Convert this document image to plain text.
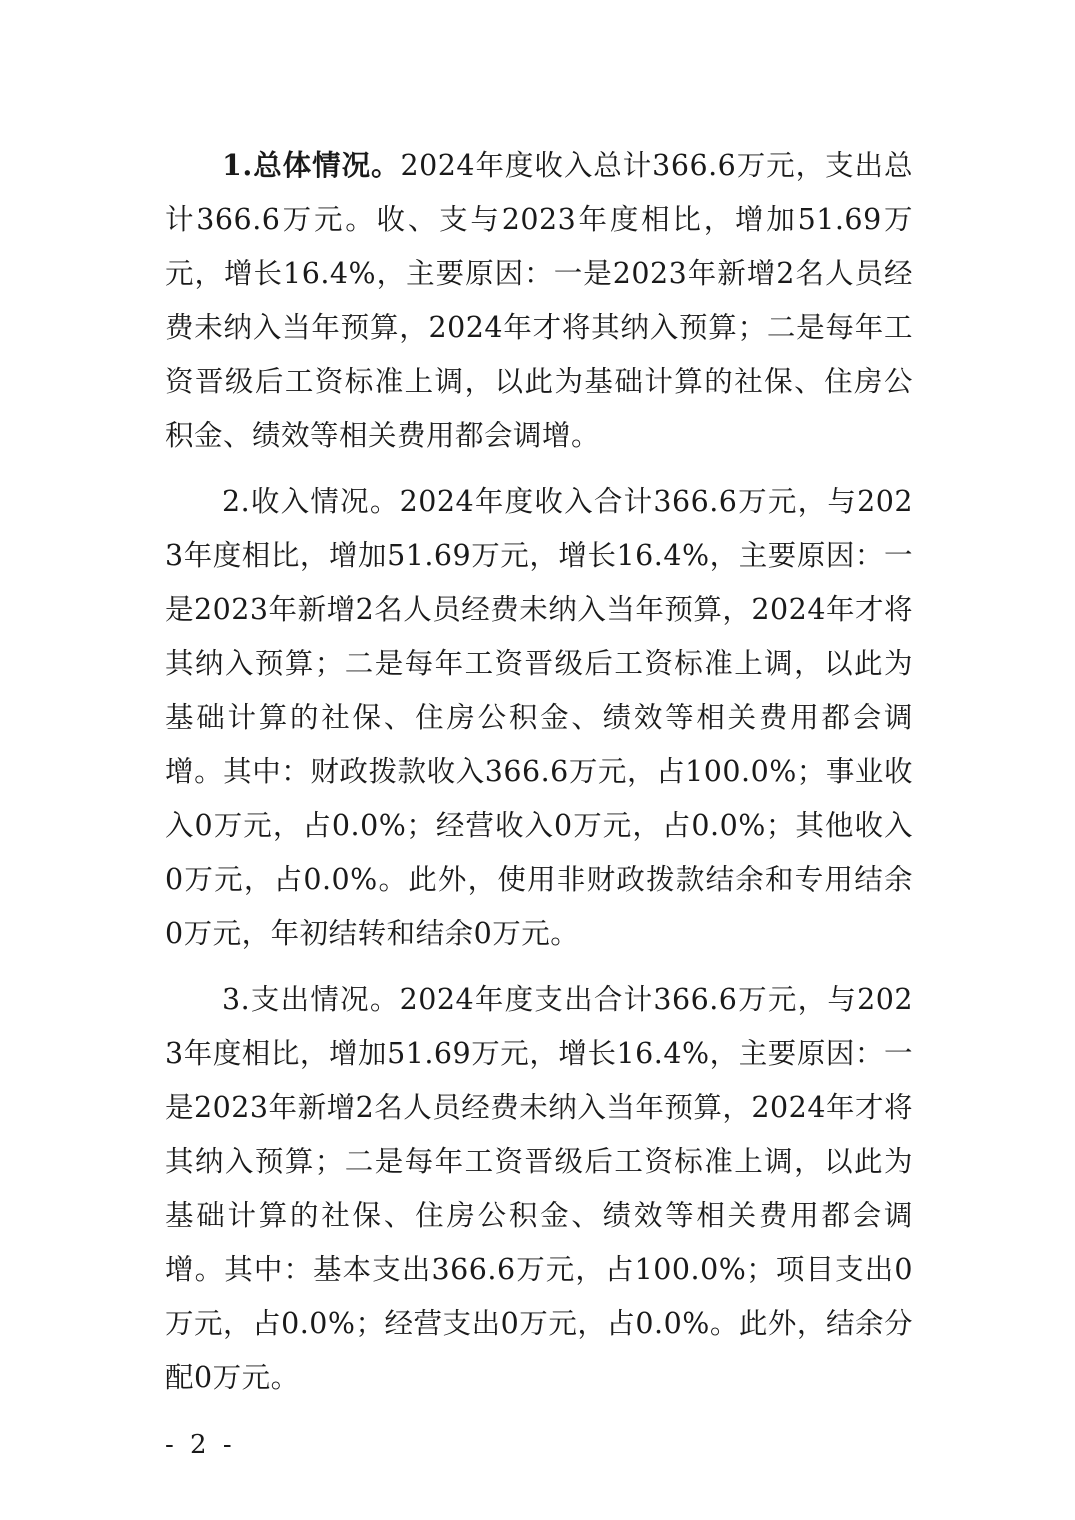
1.总体情况。2024年度收入总计366.6万元，支出总计366.6万元。收、支与2023年度相比，增加51.69万元，增长16.4%，主要原因：一是2023年新增2名人员经费未纳入当年预算，2024年才将其纳入预算；二是每年工资晋级后工资标准上调，以此为基础计算的社保、住房公积金、绩效等相关费用都会调增。

2.收入情况。2024年度收入合计366.6万元，与2023年度相比，增加51.69万元，增长16.4%，主要原因：一是2023年新增2名人员经费未纳入当年预算，2024年才将其纳入预算；二是每年工资晋级后工资标准上调，以此为基础计算的社保、住房公积金、绩效等相关费用都会调增。其中：财政拨款收入366.6万元，占100.0%；事业收入0万元，占0.0%；经营收入0万元，占0.0%；其他收入0万元，占0.0%。此外，使用非财政拨款结余和专用结余0万元，年初结转和结余0万元。

3.支出情况。2024年度支出合计366.6万元，与2023年度相比，增加51.69万元，增长16.4%，主要原因：一是2023年新增2名人员经费未纳入当年预算，2024年才将其纳入预算；二是每年工资晋级后工资标准上调，以此为基础计算的社保、住房公积金、绩效等相关费用都会调增。其中：基本支出366.6万元，占100.0%；项目支出0万元，占0.0%；经营支出0万元，占0.0%。此外，结余分配0万元。

- 2 -
